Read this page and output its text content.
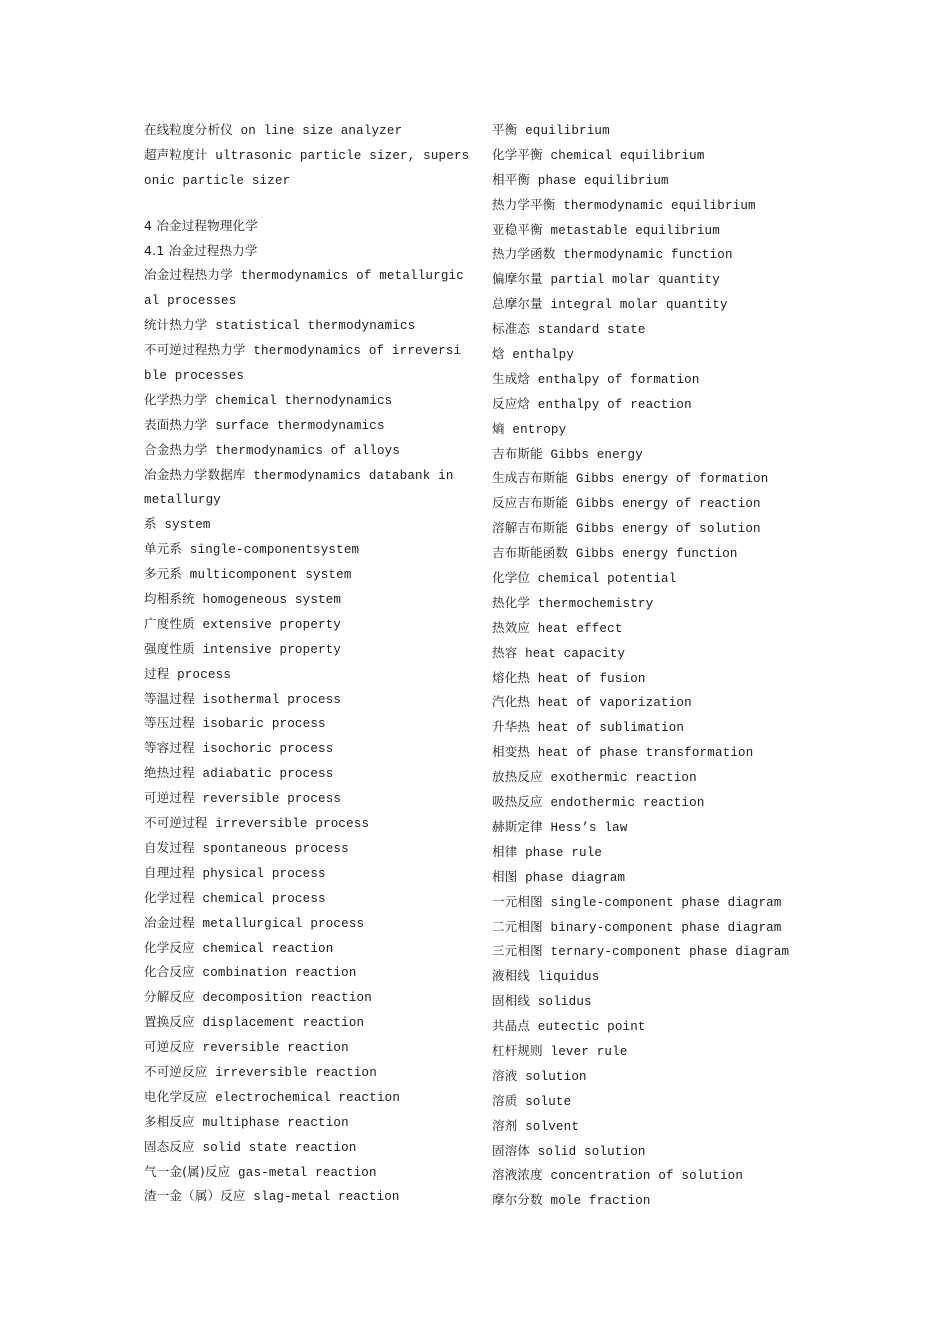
在线粒度分析仪 on line size analyzer
超声粒度计 ultrasonic particle sizer, supers
onic particle sizer
4 冶金过程物理化学
4.1 冶金过程热力学
冶金过程热力学 thermodynamics of metallurgic
al processes
统计热力学 statistical thermodynamics
不可逆过程热力学 thermodynamics of irreversi
ble processes
化学热力学 chemical thernodynamics
表面热力学 surface thermodynamics
合金热力学 thermodynamics of alloys
冶金热力学数据库 thermodynamics databank in
metallurgy
系 system
单元系 single-componentsystem
多元系 multicomponent system
均相系统 homogeneous system
广度性质 extensive property
强度性质 intensive property
过程 process
等温过程 isothermal process
等压过程 isobaric process
等容过程 isochoric process
绝热过程 adiabatic process
可逆过程 reversible process
不可逆过程 irreversible process
自发过程 spontaneous process
自理过程 physical process
化学过程 chemical process
冶金过程 metallurgical process
化学反应 chemical reaction
化合反应 combination reaction
分解反应 decomposition reaction
置换反应 displacement reaction
可逆反应 reversible reaction
不可逆反应 irreversible reaction
电化学反应 electrochemical reaction
多相反应 multiphase reaction
固态反应 solid state reaction
气一金(属)反应 gas-metal reaction
渣一金（属）反应 slag-metal reaction
平衡 equilibrium
化学平衡 chemical equilibrium
相平衡 phase equilibrium
热力学平衡 thermodynamic equilibrium
亚稳平衡 metastable equilibrium
热力学函数 thermodynamic function
偏摩尔量 partial molar quantity
总摩尔量 integral molar quantity
标准态 standard state
焓 enthalpy
生成焓 enthalpy of formation
反应焓 enthalpy of reaction
熵 entropy
吉布斯能 Gibbs energy
生成吉布斯能 Gibbs energy of formation
反应吉布斯能 Gibbs energy of reaction
溶解吉布斯能 Gibbs energy of solution
吉布斯能函数 Gibbs energy function
化学位 chemical potential
热化学 thermochemistry
热效应 heat effect
热容 heat capacity
熔化热 heat of fusion
汽化热 heat of vaporization
升华热 heat of sublimation
相变热 heat of phase transformation
放热反应 exothermic reaction
吸热反应 endothermic reaction
赫斯定律 Hess’s law
相律 phase rule
相图 phase diagram
一元相图 single-component phase diagram
二元相图 binary-component phase diagram
三元相图 ternary-component phase diagram
液相线 liquidus
固相线 solidus
共晶点 eutectic point
杠杆规则 lever rule
溶液 solution
溶质 solute
溶剂 solvent
固溶体 solid solution
溶液浓度 concentration of solution
摩尔分数 mole fraction
